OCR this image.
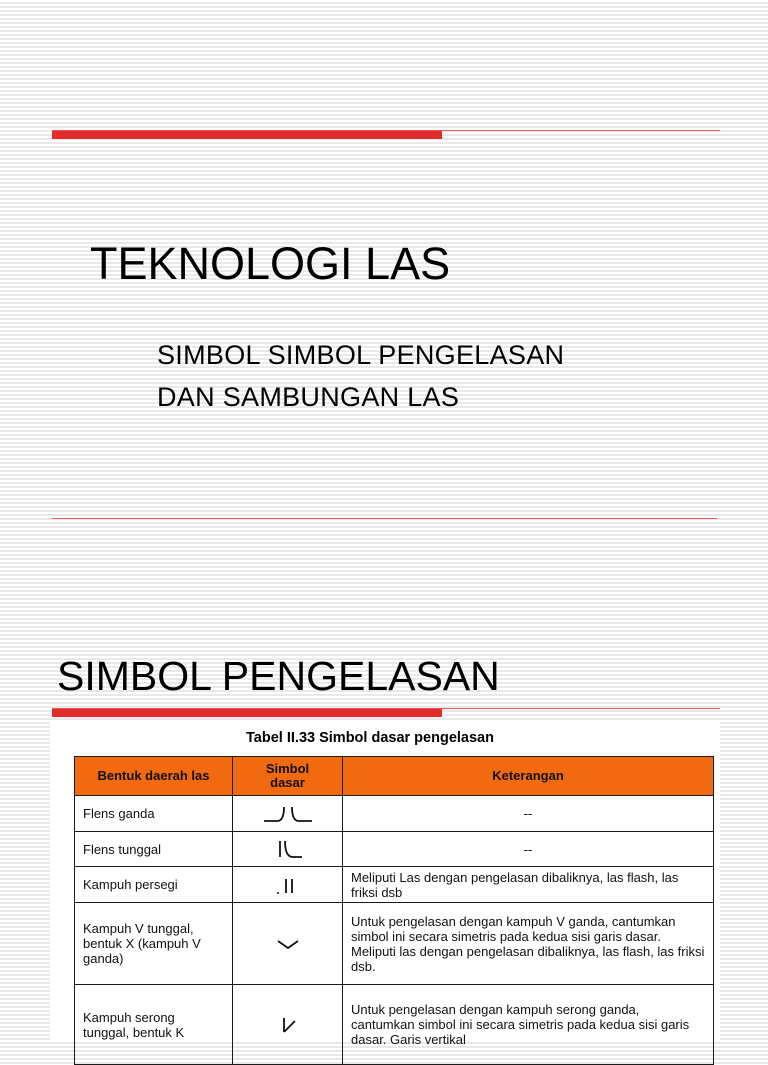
TEKNOLOGI LAS
SIMBOL SIMBOL PENGELASAN
DAN SAMBUNGAN LAS
SIMBOL PENGELASAN
Tabel II.33 Simbol dasar pengelasan
Bentuk daerah las	Simbol dasar	Keterangan
Flens ganda		--
Flens tunggal		--
Kampuh persegi		Meliputi Las dengan pengelasan dibaliknya, las flash, las friksi dsb
Kampuh V tunggal, bentuk X (kampuh V ganda)		Untuk pengelasan dengan kampuh V ganda, cantumkan simbol ini secara simetris pada kedua sisi garis dasar. Meliputi las dengan pengelasan dibaliknya, las flash, las friksi dsb.
Kampuh serong tunggal, bentuk K		Untuk pengelasan dengan kampuh serong ganda, cantumkan simbol ini secara simetris pada kedua sisi garis dasar. Garis vertikal
